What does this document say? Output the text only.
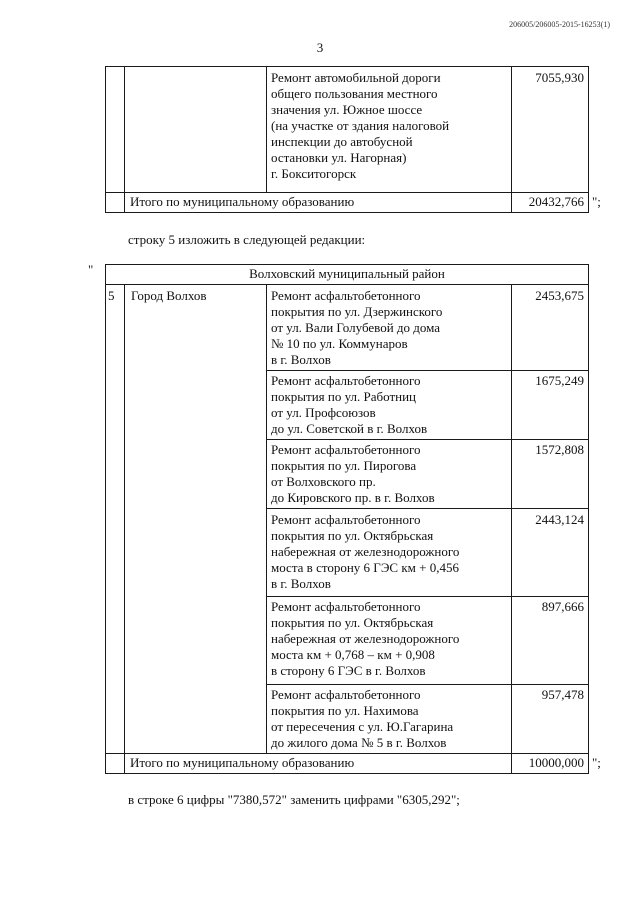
206005/206005-2015-16253(1)
3
Ремонт автомобильной дороги
общего пользования местного
значения ул. Южное шоссе
(на участке от здания налоговой
инспекции до автобусной
остановки ул. Нагорная)
г. Бокситогорск
7055,930
Итого по муниципальному образованию	20432,766 ";
строку 5 изложить в следующей редакции:
"	Волховский муниципальный район
5	Город Волхов	Ремонт асфальтобетонного
покрытия по ул. Дзержинского
от ул. Вали Голубевой до дома
№ 10 по ул. Коммунаров
в г. Волхов
2453,675
Ремонт асфальтобетонного
покрытия по ул. Работниц
от ул. Профсоюзов
до ул. Советской в г. Волхов
1675,249
Ремонт асфальтобетонного
покрытия по ул. Пирогова
от Волховского пр.
до Кировского пр. в г. Волхов
1572,808
Ремонт асфальтобетонного
покрытия по ул. Октябрьская
набережная от железнодорожного
моста в сторону 6 ГЭС км + 0,456
в г. Волхов
2443,124
Ремонт асфальтобетонного
покрытия по ул. Октябрьская
набережная от железнодорожного
моста км + 0,768 – км + 0,908
в сторону 6 ГЭС в г. Волхов
897,666
Ремонт асфальтобетонного
покрытия по ул. Нахимова
от пересечения с ул. Ю.Гагарина
до жилого дома № 5 в г. Волхов
957,478
Итого по муниципальному образованию	10000,000 ";
в строке 6 цифры "7380,572" заменить цифрами "6305,292";
